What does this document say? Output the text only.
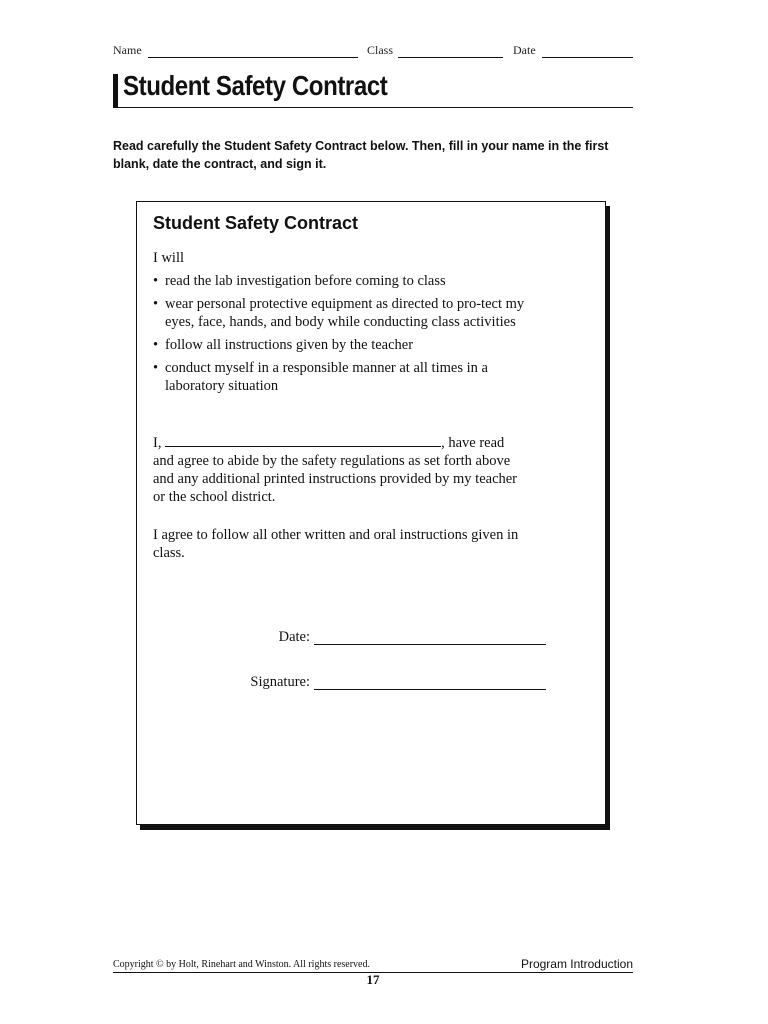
Name	Class	Date
Student Safety Contract
Read carefully the Student Safety Contract below. Then, fill in your name in the first blank, date the contract, and sign it.
Student Safety Contract
I will
• read the lab investigation before coming to class
• wear personal protective equipment as directed to pro-tect my eyes, face, hands, and body while conducting class activities
• follow all instructions given by the teacher
• conduct myself in a responsible manner at all times in a laboratory situation
I,	, have read and agree to abide by the safety regulations as set forth above and any additional printed instructions provided by my teacher or the school district.
I agree to follow all other written and oral instructions given in class.
Date:
Signature:
Copyright © by Holt, Rinehart and Winston. All rights reserved.	Program Introduction
17
